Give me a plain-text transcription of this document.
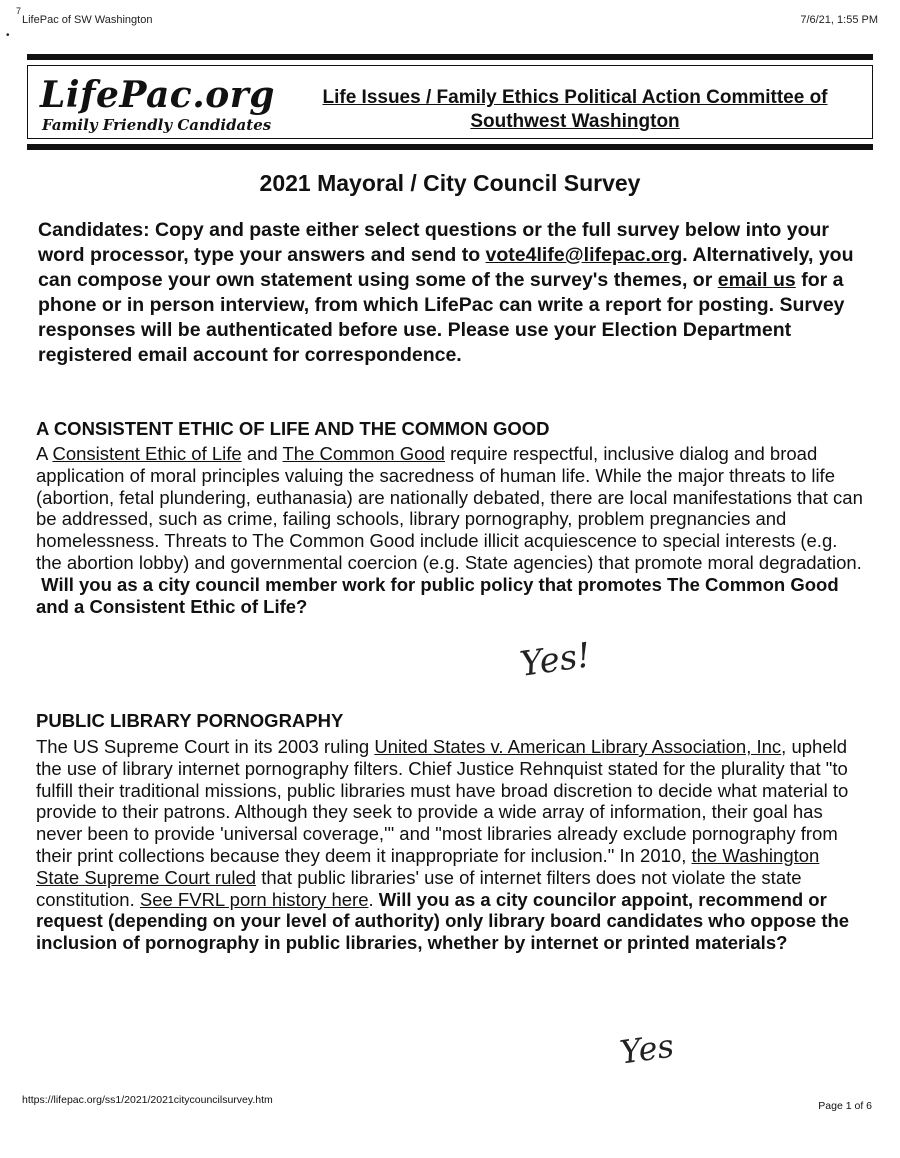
7
•
LifePac of SW Washington	7/6/21, 1:55 PM
LifePac.org
Family Friendly Candidates
Life Issues / Family Ethics Political Action Committee of Southwest Washington
2021 Mayoral / City Council Survey
Candidates: Copy and paste either select questions or the full survey below into your word processor, type your answers and send to vote4life@lifepac.org. Alternatively, you can compose your own statement using some of the survey's themes, or email us for a phone or in person interview, from which LifePac can write a report for posting. Survey responses will be authenticated before use. Please use your Election Department registered email account for correspondence.
A CONSISTENT ETHIC OF LIFE AND THE COMMON GOOD
A Consistent Ethic of Life and The Common Good require respectful, inclusive dialog and broad application of moral principles valuing the sacredness of human life. While the major threats to life (abortion, fetal plundering, euthanasia) are nationally debated, there are local manifestations that can be addressed, such as crime, failing schools, library pornography, problem pregnancies and homelessness. Threats to The Common Good include illicit acquiescence to special interests (e.g. the abortion lobby) and governmental coercion (e.g. State agencies) that promote moral degradation.
Will you as a city council member work for public policy that promotes The Common Good and a Consistent Ethic of Life?
Yes!
PUBLIC LIBRARY PORNOGRAPHY
The US Supreme Court in its 2003 ruling United States v. American Library Association, Inc, upheld the use of library internet pornography filters. Chief Justice Rehnquist stated for the plurality that "to fulfill their traditional missions, public libraries must have broad discretion to decide what material to provide to their patrons. Although they seek to provide a wide array of information, their goal has never been to provide 'universal coverage,'" and "most libraries already exclude pornography from their print collections because they deem it inappropriate for inclusion." In 2010, the Washington State Supreme Court ruled that public libraries' use of internet filters does not violate the state constitution. See FVRL porn history here. Will you as a city councilor appoint, recommend or request (depending on your level of authority) only library board candidates who oppose the inclusion of pornography in public libraries, whether by internet or printed materials?
Yes
https://lifepac.org/ss1/2021/2021citycouncilsurvey.htm	Page 1 of 6
